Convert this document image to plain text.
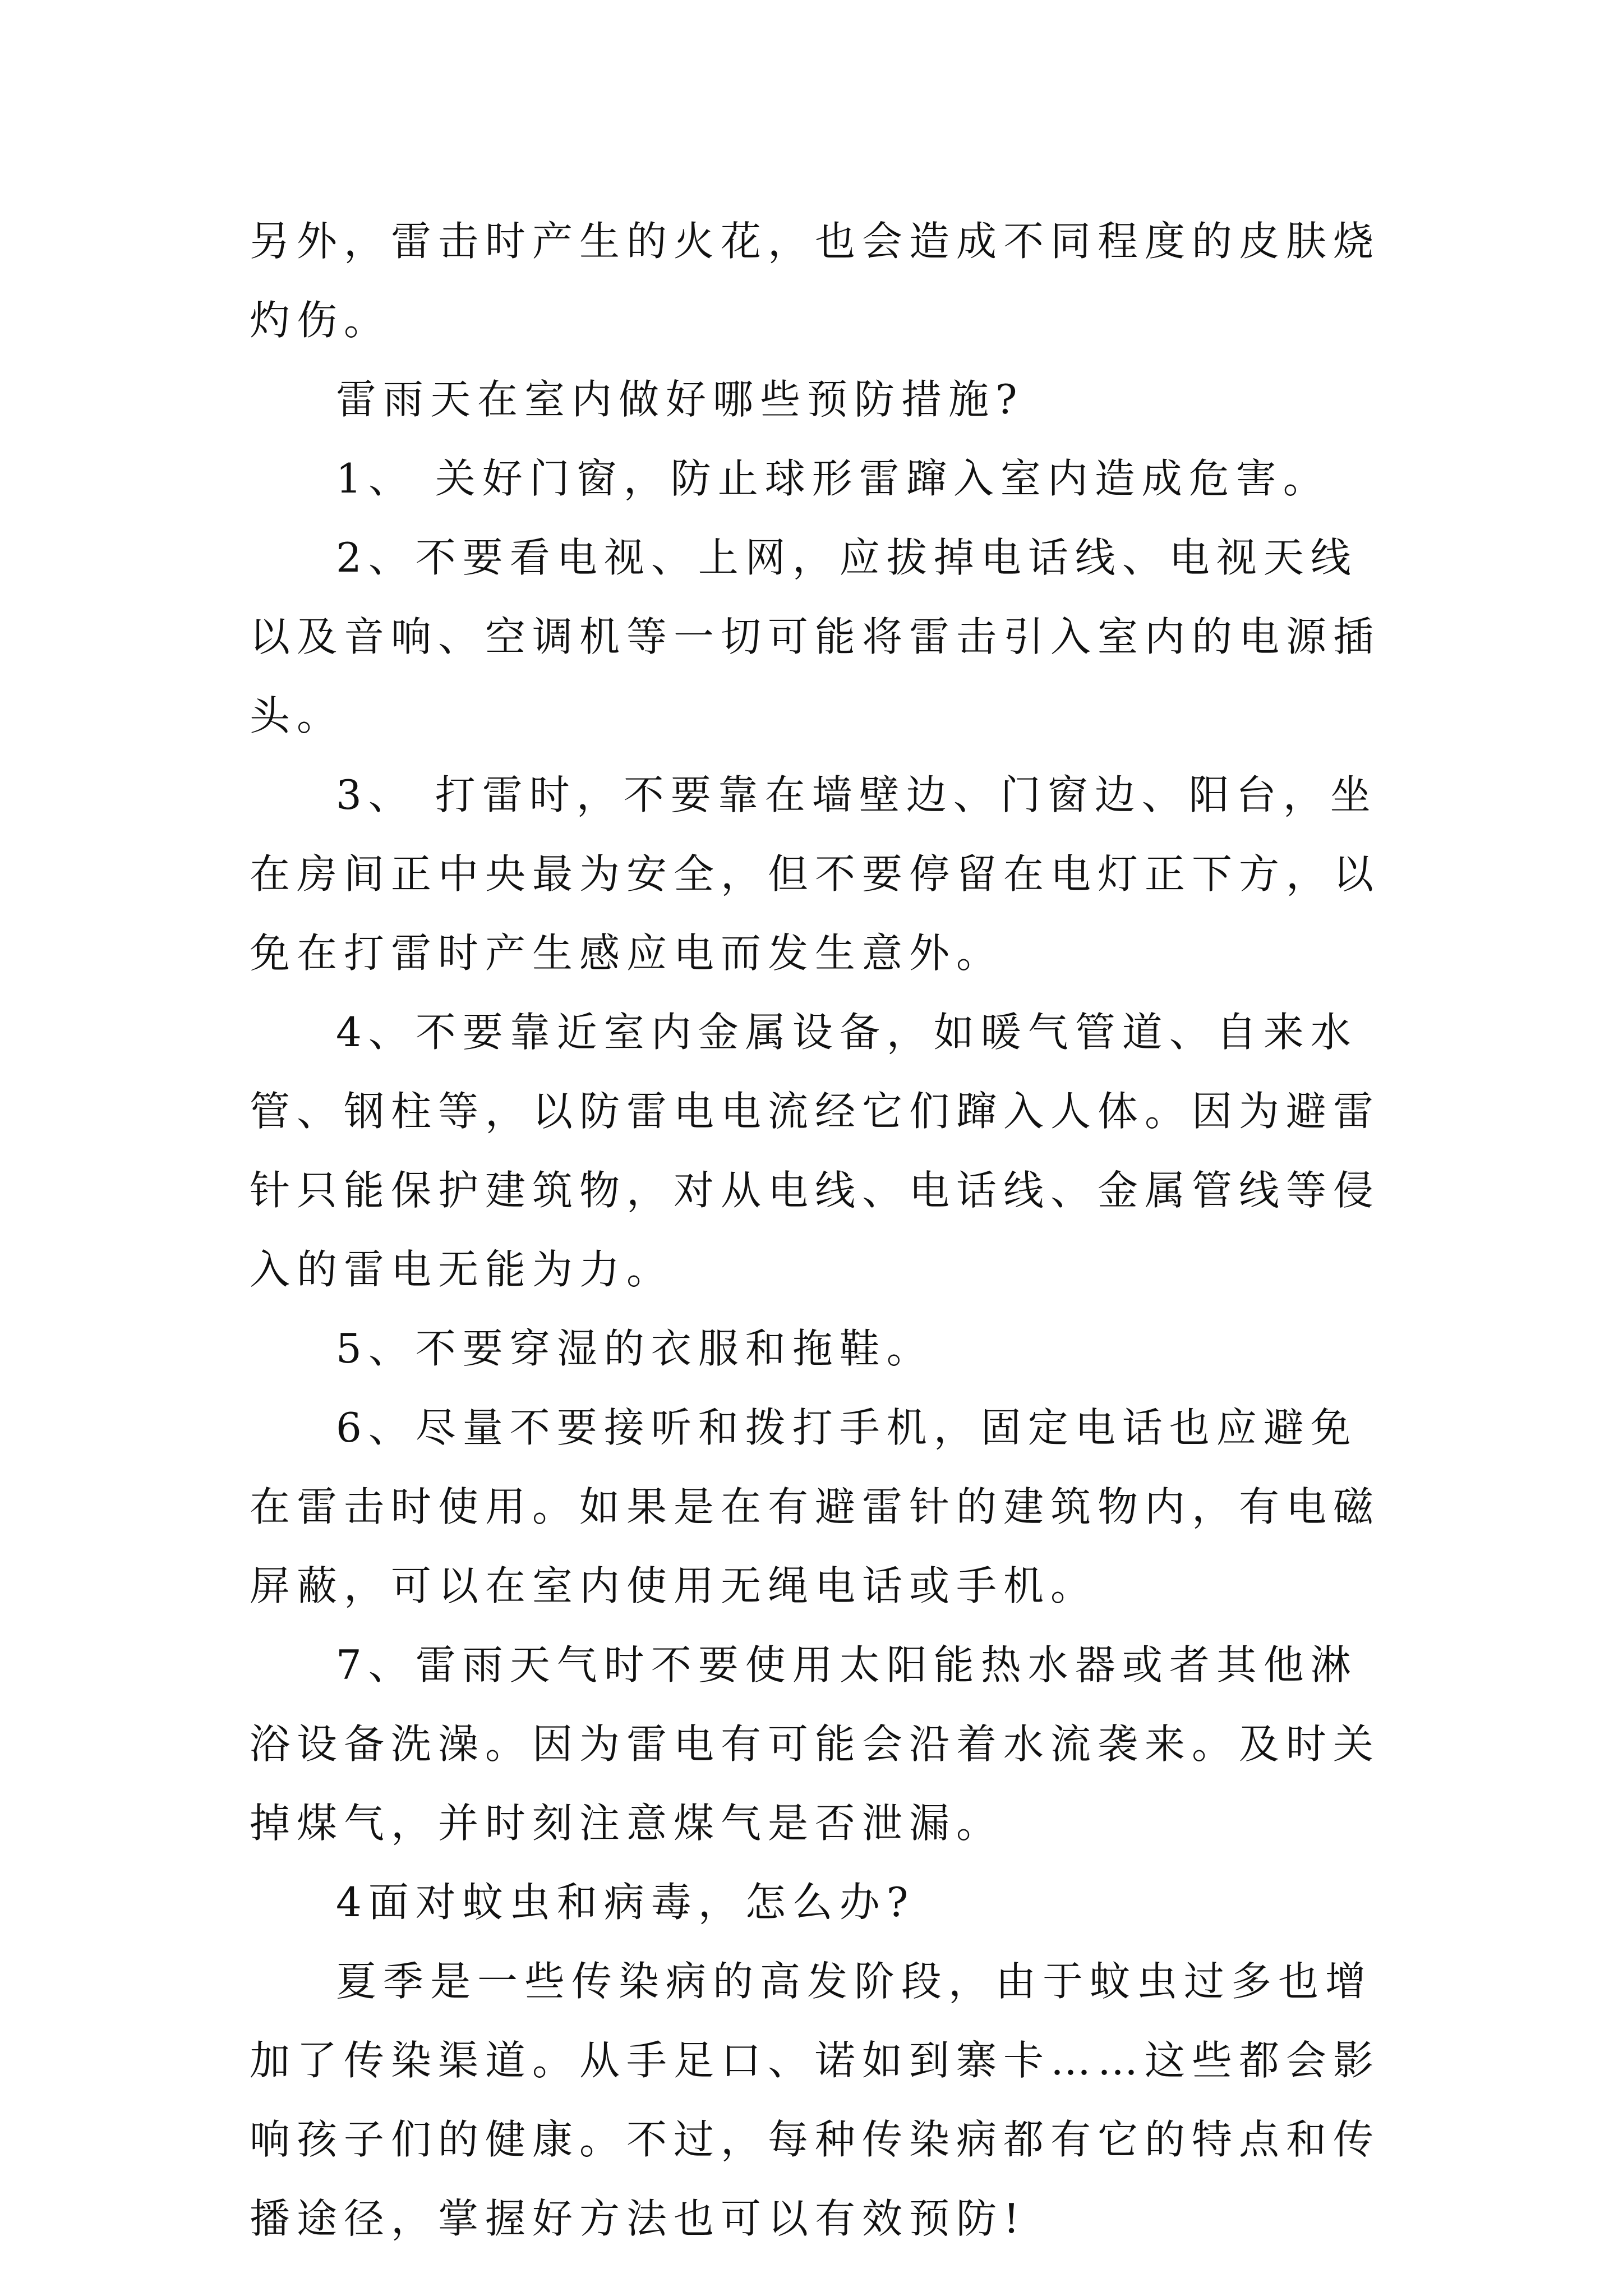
另外，雷击时产生的火花，也会造成不同程度的皮肤烧灼伤。

雷雨天在室内做好哪些预防措施?

1、 关好门窗，防止球形雷蹿入室内造成危害。

2、不要看电视、上网，应拔掉电话线、电视天线以及音响、空调机等一切可能将雷击引入室内的电源插头。

3、 打雷时，不要靠在墙壁边、门窗边、阳台，坐在房间正中央最为安全，但不要停留在电灯正下方，以免在打雷时产生感应电而发生意外。

4、不要靠近室内金属设备，如暖气管道、自来水管、钢柱等，以防雷电电流经它们蹿入人体。因为避雷针只能保护建筑物，对从电线、电话线、金属管线等侵入的雷电无能为力。

5、不要穿湿的衣服和拖鞋。

6、尽量不要接听和拨打手机，固定电话也应避免在雷击时使用。如果是在有避雷针的建筑物内，有电磁屏蔽，可以在室内使用无绳电话或手机。

7、雷雨天气时不要使用太阳能热水器或者其他淋浴设备洗澡。因为雷电有可能会沿着水流袭来。及时关掉煤气，并时刻注意煤气是否泄漏。

4面对蚊虫和病毒，怎么办?

夏季是一些传染病的高发阶段，由于蚊虫过多也增加了传染渠道。从手足口、诺如到寨卡……这些都会影响孩子们的健康。不过，每种传染病都有它的特点和传播途径，掌握好方法也可以有效预防!
